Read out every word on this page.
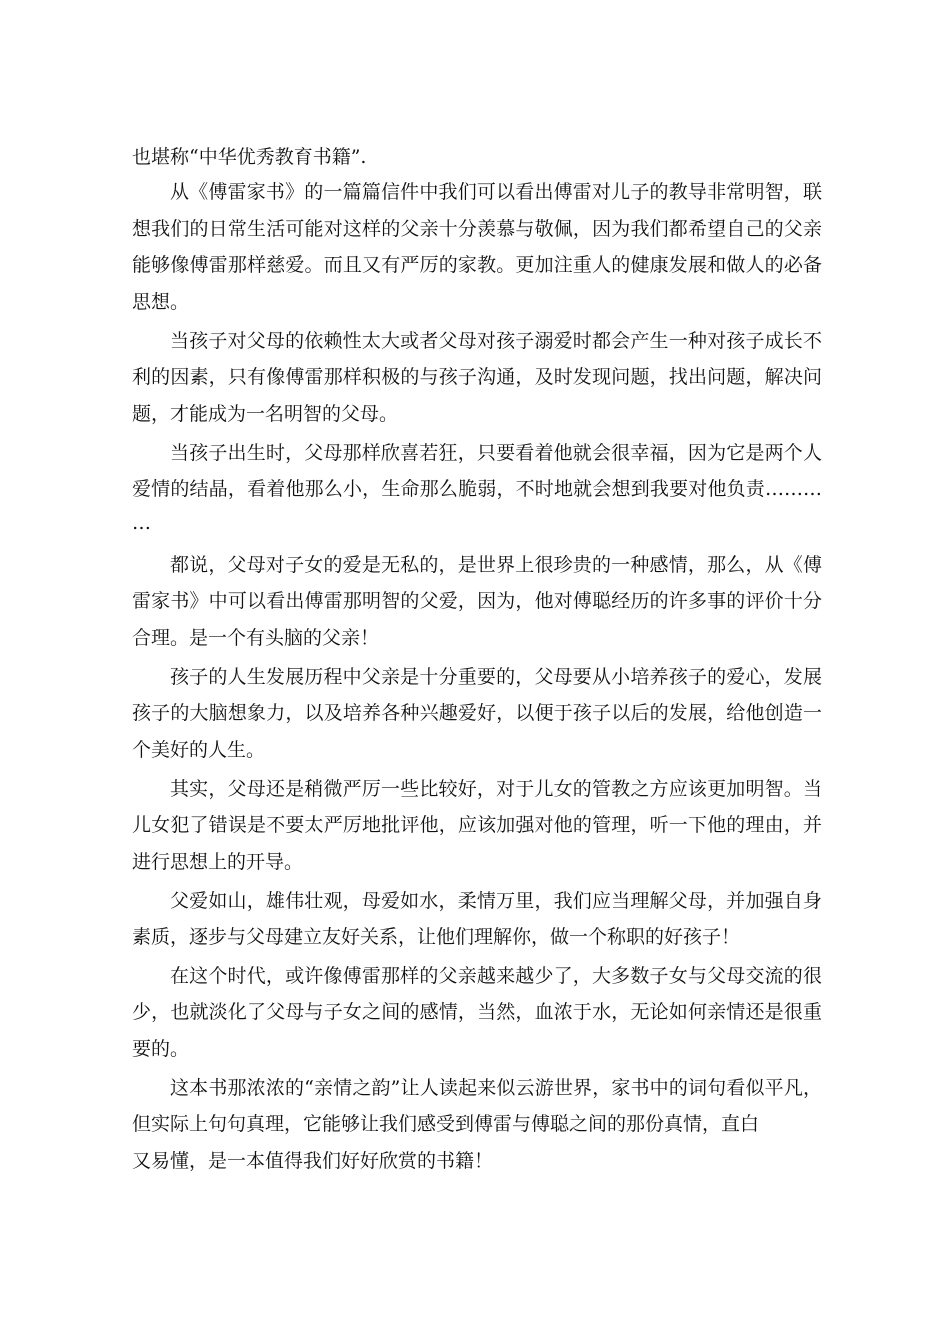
也堪称“中华优秀教育书籍”.
从《傅雷家书》的一篇篇信件中我们可以看出傅雷对儿子的教导非常明智，联
想我们的日常生活可能对这样的父亲十分羡慕与敬佩，因为我们都希望自己的父亲
能够像傅雷那样慈爱。而且又有严厉的家教。更加注重人的健康发展和做人的必备
思想。
当孩子对父母的依赖性太大或者父母对孩子溺爱时都会产生一种对孩子成长不
利的因素，只有像傅雷那样积极的与孩子沟通，及时发现问题，找出问题，解决问
题，才能成为一名明智的父母。
当孩子出生时，父母那样欣喜若狂，只要看着他就会很幸福，因为它是两个人
爱情的结晶，看着他那么小，生命那么脆弱，不时地就会想到我要对他负责………
…
都说，父母对子女的爱是无私的，是世界上很珍贵的一种感情，那么，从《傅
雷家书》中可以看出傅雷那明智的父爱，因为，他对傅聪经历的许多事的评价十分
合理。是一个有头脑的父亲！
孩子的人生发展历程中父亲是十分重要的，父母要从小培养孩子的爱心，发展
孩子的大脑想象力，以及培养各种兴趣爱好，以便于孩子以后的发展，给他创造一
个美好的人生。
其实，父母还是稍微严厉一些比较好，对于儿女的管教之方应该更加明智。当
儿女犯了错误是不要太严厉地批评他，应该加强对他的管理，听一下他的理由，并
进行思想上的开导。
父爱如山，雄伟壮观，母爱如水，柔情万里，我们应当理解父母，并加强自身
素质，逐步与父母建立友好关系，让他们理解你，做一个称职的好孩子！
在这个时代，或许像傅雷那样的父亲越来越少了，大多数子女与父母交流的很
少，也就淡化了父母与子女之间的感情，当然，血浓于水，无论如何亲情还是很重
要的。
这本书那浓浓的“亲情之韵”让人读起来似云游世界，家书中的词句看似平凡，
但实际上句句真理，它能够让我们感受到傅雷与傅聪之间的那份真情，直白
又易懂，是一本值得我们好好欣赏的书籍！
